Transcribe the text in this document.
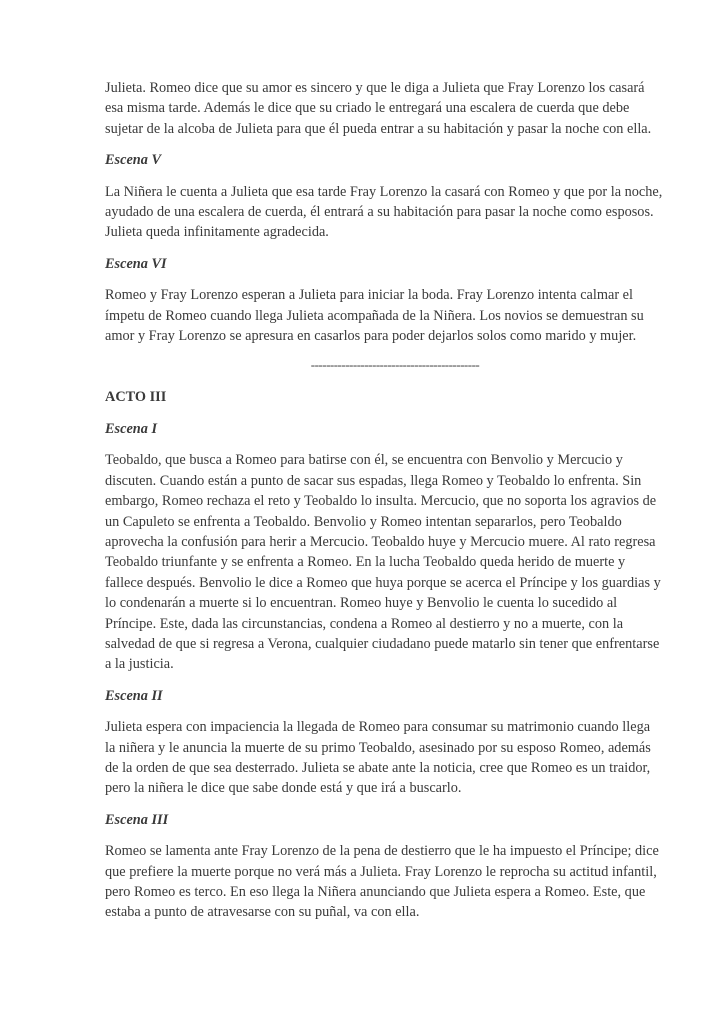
Julieta. Romeo dice que su amor es sincero y que le diga a Julieta que Fray Lorenzo los casará
esa misma tarde. Además le dice que su criado le entregará una escalera de cuerda que debe
sujetar de la alcoba de Julieta para que él pueda entrar a su habitación y pasar la noche con ella.
Escena V
La Niñera le cuenta a Julieta que esa tarde Fray Lorenzo la casará con Romeo y que por la noche,
ayudado de una escalera de cuerda, él entrará a su habitación para pasar la noche como esposos.
Julieta queda infinitamente agradecida.
Escena VI
Romeo y Fray Lorenzo esperan a Julieta para iniciar la boda. Fray Lorenzo intenta calmar el
ímpetu de Romeo cuando llega Julieta acompañada de la Niñera. Los novios se demuestran su
amor y Fray Lorenzo se apresura en casarlos para poder dejarlos solos como marido y mujer.
--------------------------------------------
ACTO III
Escena I
Teobaldo, que busca a Romeo para batirse con él, se encuentra con Benvolio y Mercucio y
discuten. Cuando están a punto de sacar sus espadas, llega Romeo y Teobaldo lo enfrenta. Sin
embargo, Romeo rechaza el reto y Teobaldo lo insulta. Mercucio, que no soporta los agravios de
un Capuleto se enfrenta a Teobaldo. Benvolio y Romeo intentan separarlos, pero Teobaldo
aprovecha la confusión para herir a Mercucio. Teobaldo huye y Mercucio muere. Al rato regresa
Teobaldo triunfante y se enfrenta a Romeo. En la lucha Teobaldo queda herido de muerte y
fallece después. Benvolio le dice a Romeo que huya porque se acerca el Príncipe y los guardias y
lo condenarán a muerte si lo encuentran. Romeo huye y Benvolio le cuenta lo sucedido al
Príncipe. Este, dada las circunstancias, condena a Romeo al destierro y no a muerte, con la
salvedad de que si regresa a Verona, cualquier ciudadano puede matarlo sin tener que enfrentarse
a la justicia.
Escena II
Julieta espera con impaciencia la llegada de Romeo para consumar su matrimonio cuando llega
la niñera y le anuncia la muerte de su primo Teobaldo, asesinado por su esposo Romeo, además
de la orden de que sea desterrado. Julieta se abate ante la noticia, cree que Romeo es un traidor,
pero la niñera le dice que sabe donde está y que irá a buscarlo.
Escena III
Romeo se lamenta ante Fray Lorenzo de la pena de destierro que le ha impuesto el Príncipe; dice
que prefiere la muerte porque no verá más a Julieta. Fray Lorenzo le reprocha su actitud infantil,
pero Romeo es terco. En eso llega la Niñera anunciando que Julieta espera a Romeo. Este, que
estaba a punto de atravesarse con su puñal, va con ella.
